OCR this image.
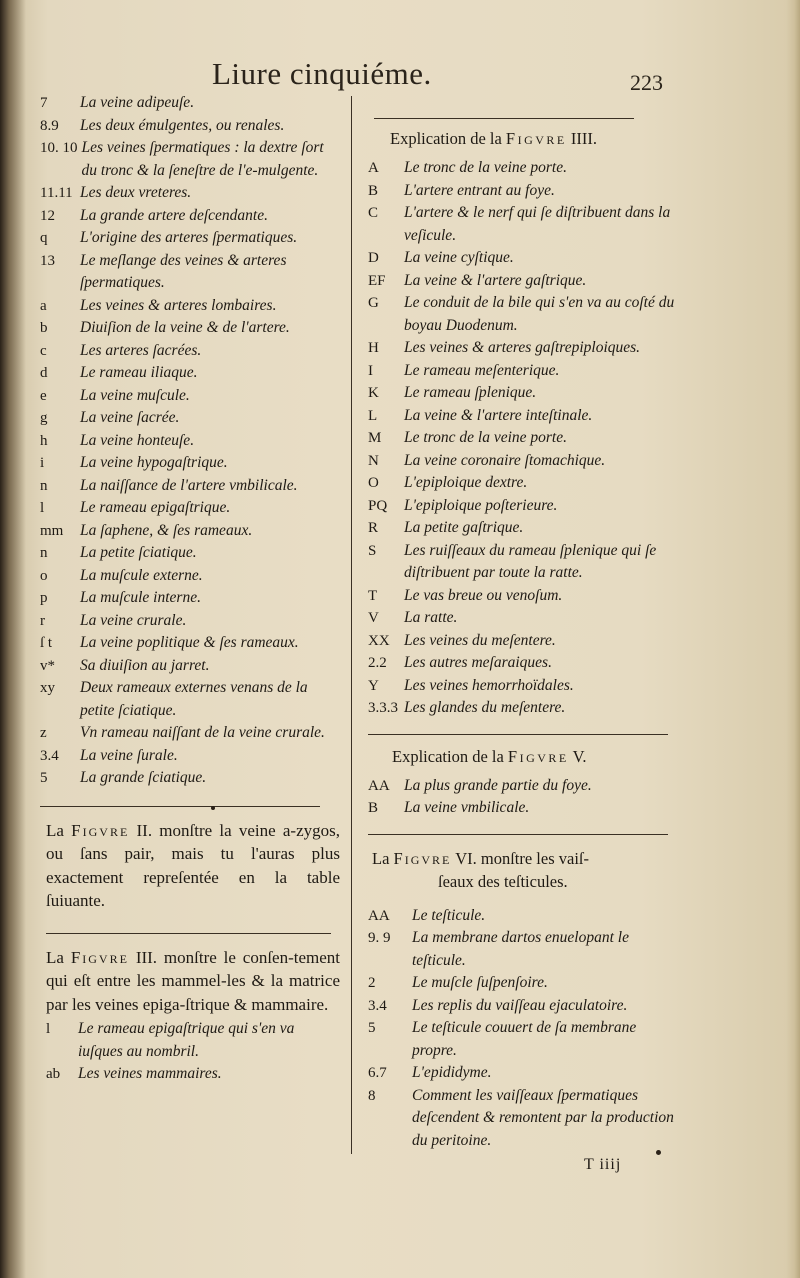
Liure cinquiéme.	223
7	La veine adipeuſe.
8.9	Les deux émulgentes, ou renales.
10. 10 Les veines ſpermatiques : la dextre ſort du tronc & la ſeneſtre de l'e-mulgente.
11.11 Les deux vreteres.
12	La grande artere deſcendante.
q	L'origine des arteres ſpermatiques.
13	Le meſlange des veines & arteres ſpermatiques.
a	Les veines & arteres lombaires.
b	Diuiſion de la veine & de l'artere.
c	Les arteres ſacrées.
d	Le rameau iliaque.
e	La veine muſcule.
g	La veine ſacrée.
h	La veine honteuſe.
i	La veine hypogaſtrique.
n	La naiſſance de l'artere vmbilicale.
l	Le rameau epigaſtrique.
mm	La ſaphene, & ſes rameaux.
n	La petite ſciatique.
o	La muſcule externe.
p	La muſcule interne.
r	La veine crurale.
ſ t	La veine poplitique & ſes rameaux.
v*	Sa diuiſion au jarret.
xy	Deux rameaux externes venans de la petite ſciatique.
z	Vn rameau naiſſant de la veine crurale.
3.4	La veine ſurale.
5	La grande ſciatique.
La Figvre II. monſtre la veine a-zygos, ou ſans pair, mais tu l'auras plus exactement repreſentée en la table ſuiuante.
La Figvre III. monſtre le conſen-tement qui eſt entre les mammel-les & la matrice par les veines epiga-ſtrique & mammaire.
l	Le rameau epigaſtrique qui s'en va iuſques au nombril.
ab	Les veines mammaires.
Explication de la Figvre IIII.
A	Le tronc de la veine porte.
B	L'artere entrant au foye.
C	L'artere & le nerf qui ſe diſtribuent dans la veſicule.
D	La veine cyſtique.
EF	La veine & l'artere gaſtrique.
G	Le conduit de la bile qui s'en va au coſté du boyau Duodenum.
H	Les veines & arteres gaſtrepiploiques.
I	Le rameau meſenterique.
K	Le rameau ſplenique.
L	La veine & l'artere inteſtinale.
M	Le tronc de la veine porte.
N	La veine coronaire ſtomachique.
O	L'epiploique dextre.
PQ	L'epiploique poſterieure.
R	La petite gaſtrique.
S	Les ruiſſeaux du rameau ſplenique qui ſe diſtribuent par toute la ratte.
T	Le vas breue ou venoſum.
V	La ratte.
XX Les veines du meſentere.
2.2	Les autres meſaraiques.
Y	Les veines hemorrhoïdales.
3.3.3 Les glandes du meſentere.
Explication de la Figvre V.
AA La plus grande partie du foye.
B	La veine vmbilicale.
La Figvre VI. monſtre les vaiſ-
ſeaux des teſticules.
AA	Le teſticule.
9. 9	La membrane dartos enuelopant le teſticule.
2	Le muſcle ſuſpenſoire.
3.4	Les replis du vaiſſeau ejaculatoire.
5	Le teſticule couuert de ſa membrane propre.
6.7	L'epididyme.
8	Comment les vaiſſeaux ſpermatiques deſcendent & remontent par la production du peritoine.
T iiij
